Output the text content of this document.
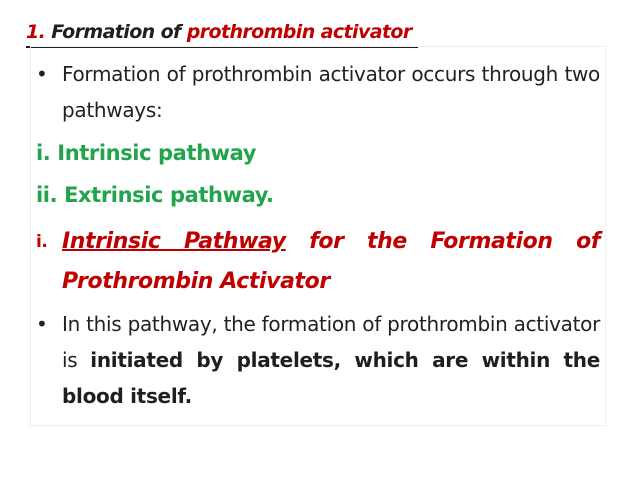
1. Formation of prothrombin activator
• Formation of prothrombin activator occurs through two pathways:
i. Intrinsic pathway
ii. Extrinsic pathway.
i. Intrinsic Pathway for the Formation of Prothrombin Activator
• In this pathway, the formation of prothrombin activator is initiated by platelets, which are within the blood itself.
